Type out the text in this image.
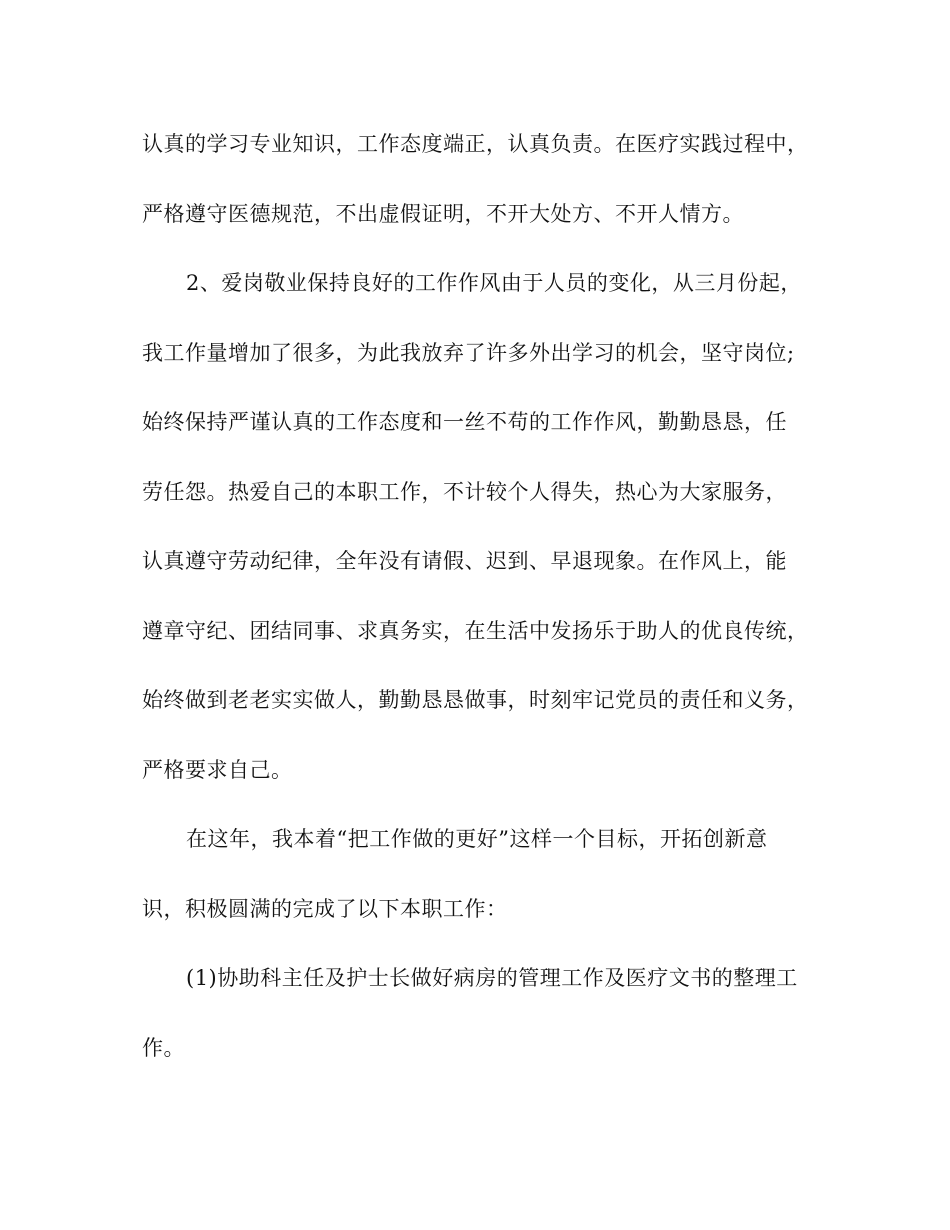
认真的学习专业知识，工作态度端正，认真负责。在医疗实践过程中，
严格遵守医德规范，不出虚假证明，不开大处方、不开人情方。
2、爱岗敬业保持良好的工作作风由于人员的变化，从三月份起，
我工作量增加了很多，为此我放弃了许多外出学习的机会，坚守岗位;
始终保持严谨认真的工作态度和一丝不苟的工作作风，勤勤恳恳，任
劳任怨。热爱自己的本职工作，不计较个人得失，热心为大家服务，
认真遵守劳动纪律，全年没有请假、迟到、早退现象。在作风上，能
遵章守纪、团结同事、求真务实，在生活中发扬乐于助人的优良传统，
始终做到老老实实做人，勤勤恳恳做事，时刻牢记党员的责任和义务，
严格要求自己。
在这年，我本着“把工作做的更好”这样一个目标，开拓创新意
识，积极圆满的完成了以下本职工作：
(1)协助科主任及护士长做好病房的管理工作及医疗文书的整理工
作。
